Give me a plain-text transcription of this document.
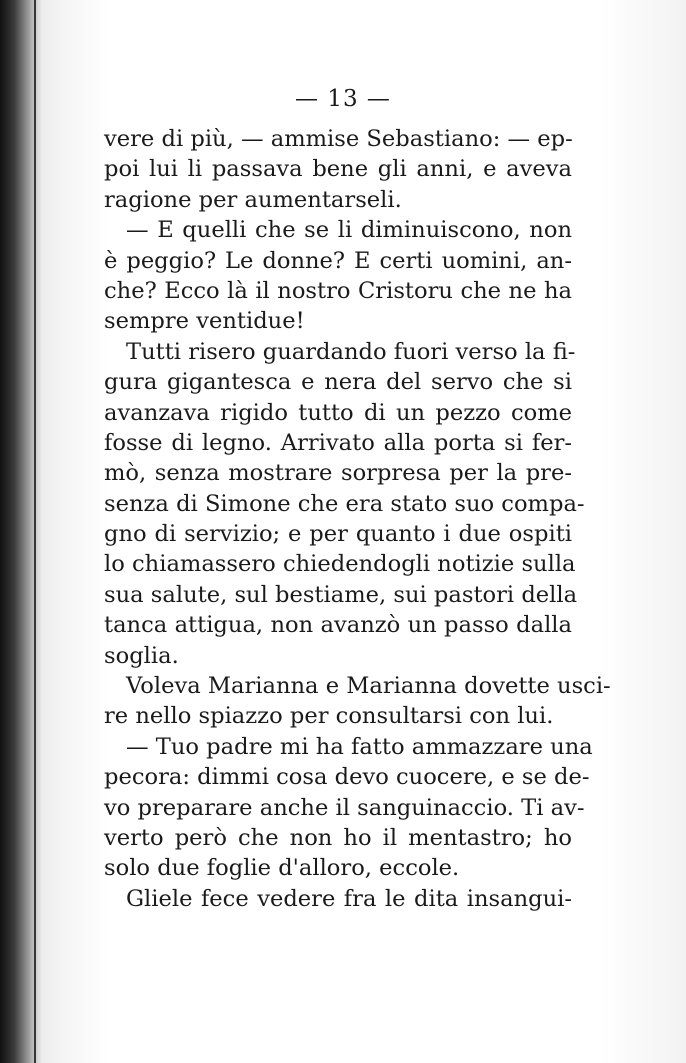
— 13 —
vere di più, — ammise Sebastiano: — ep-
poi lui li passava bene gli anni, e aveva
ragione per aumentarseli.
— E quelli che se li diminuiscono, non
è peggio? Le donne? E certi uomini, an-
che? Ecco là il nostro Cristoru che ne ha
sempre ventidue!
Tutti risero guardando fuori verso la fi-
gura gigantesca e nera del servo che si
avanzava rigido tutto di un pezzo come
fosse di legno. Arrivato alla porta si fer-
mò, senza mostrare sorpresa per la pre-
senza di Simone che era stato suo compa-
gno di servizio; e per quanto i due ospiti
lo chiamassero chiedendogli notizie sulla
sua salute, sul bestiame, sui pastori della
tanca attigua, non avanzò un passo dalla
soglia.
Voleva Marianna e Marianna dovette usci-
re nello spiazzo per consultarsi con lui.
— Tuo padre mi ha fatto ammazzare una
pecora: dimmi cosa devo cuocere, e se de-
vo preparare anche il sanguinaccio. Ti av-
verto però che non ho il mentastro; ho
solo due foglie d'alloro, eccole.
Gliele fece vedere fra le dita insangui-
